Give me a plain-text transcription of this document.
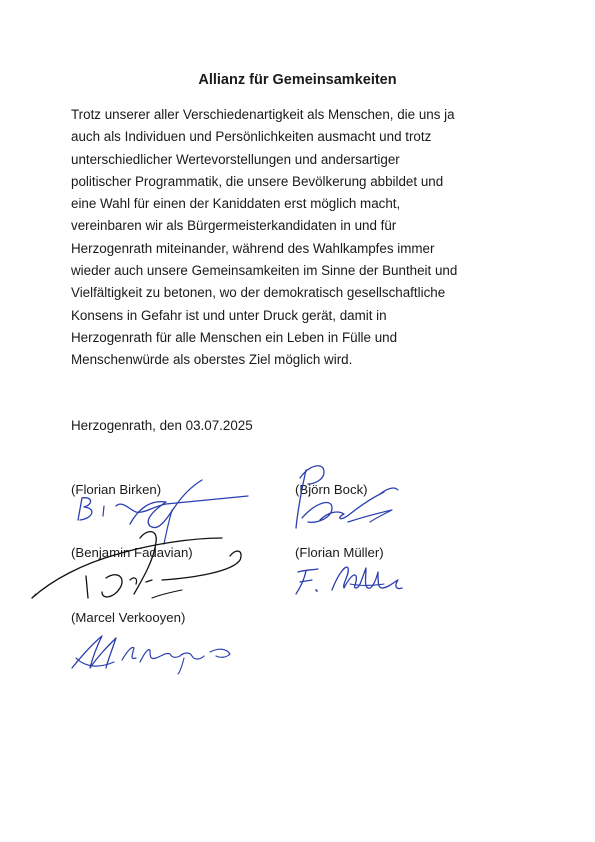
Allianz für Gemeinsamkeiten

Trotz unserer aller Verschiedenartigkeit als Menschen, die uns ja
auch als Individuen und Persönlichkeiten ausmacht und trotz
unterschiedlicher Wertevorstellungen und andersartiger
politischer Programmatik, die unsere Bevölkerung abbildet und
eine Wahl für einen der Kaniddaten erst möglich macht,
vereinbaren wir als Bürgermeisterkandidaten in und für
Herzogenrath miteinander, während des Wahlkampfes immer
wieder auch unsere Gemeinsamkeiten im Sinne der Buntheit und
Vielfältigkeit zu betonen, wo der demokratisch gesellschaftliche
Konsens in Gefahr ist und unter Druck gerät, damit in
Herzogenrath für alle Menschen ein Leben in Fülle und
Menschenwürde als oberstes Ziel möglich wird.

Herzogenrath, den 03.07.2025
(Florian Birken)	(Björn Bock)
(Benjamin Fadavian)	(Florian Müller)
(Marcel Verkooyen)
